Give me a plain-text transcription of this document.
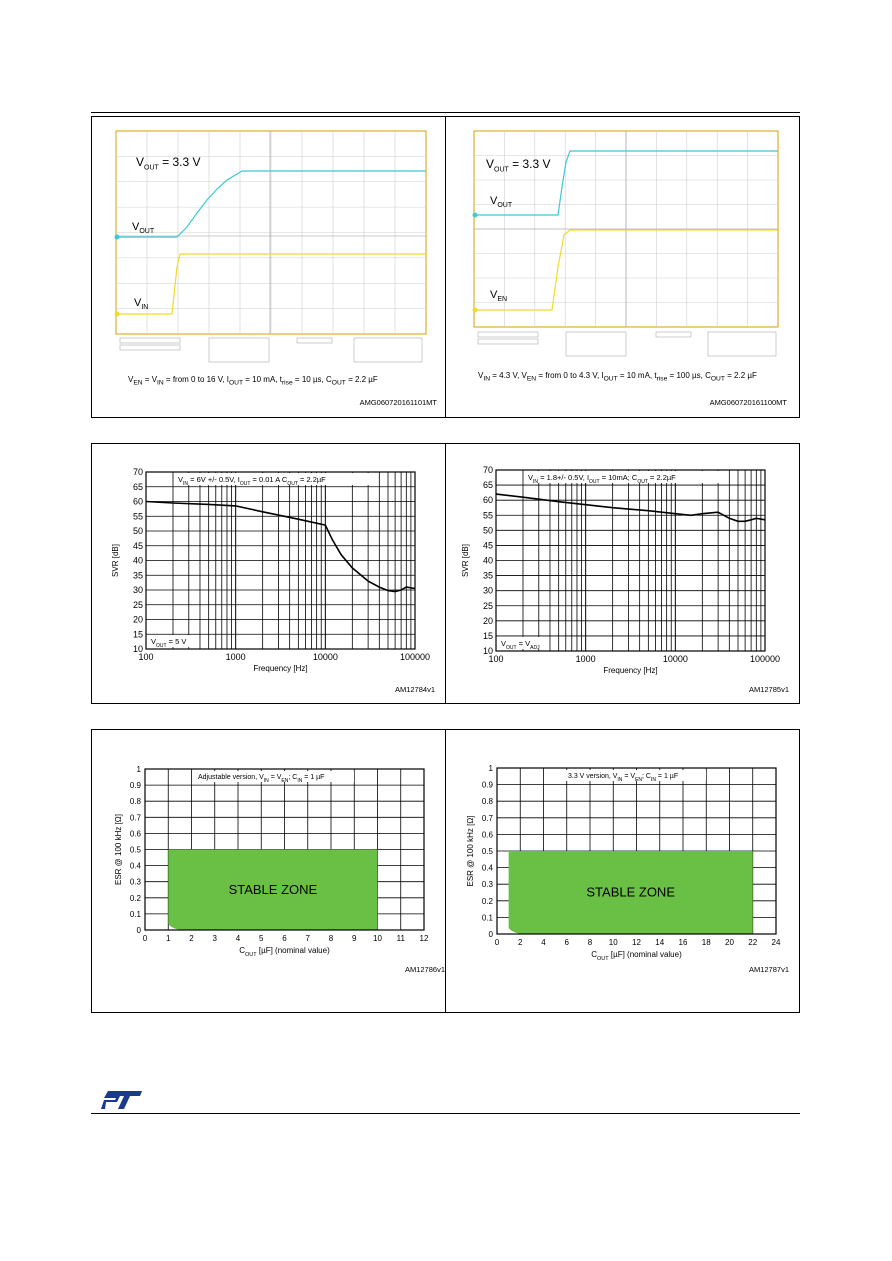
$V_{OUT} = 3.3$ V
$V_{OUT}$
$V_{IN}$
$V_{EN} = V_{IN}$ = from 0 to 16 V, $I_{OUT} = 10$ mA, $t_{rise} = 10$ µs, $C_{OUT} = 2.2$ µF
AMG060720161101MT
$V_{OUT} = 3.3$ V
$V_{OUT}$
$V_{EN}$
$V_{IN} = 4.3$ V, $V_{EN}$ = from 0 to 4.3 V, $I_{OUT} = 10$ mA, $t_{rise} = 100$ µs, $C_{OUT} = 2.2$ µF
AMG060720161100MT
10
15
20
25
30
35
40
45
50
55
60
65
70
100	1000	10000	100000
Frequency [Hz]
SVR [dB]
$V_{IN} = 6V$ +/- 0.5V, $I_{OUT} = 0.01$ A $C_{OUT} = 2.2\mu F$
$V_{OUT} = 5$ V
AM12784v1
10
15
20
25
30
35
40
45
50
55
60
65
70
100	1000	10000	100000
Frequency [Hz]
SVR [dB]
$V_{IN} = 1.8+/-$ 0.5V, $I_{OUT} = 10mA$; $C_{OUT} = 2.2\mu F$
$V_{OUT} = V_{ADJ}$
AM12785v1
STABLE ZONE
0
0.1
0.2
0.3
0.4
0.5
0.6
0.7
0.8
0.9
1
0 1 2 3 4 5 6 7 8 9 10 11 12
$C_{OUT}$ [µF] (nominal value)
ESR @ 100 kHz [Ω]
Adjustable version, $V_{IN} = V_{EN}$; $C_{IN} = 1$ µF
AM12786v1
STABLE ZONE
0
0.1
0.2
0.3
0.4
0.5
0.6
0.7
0.8
0.9
1
0 2 4 6 8 10 12 14 16 18 20 22 24
$C_{OUT}$ [µF] (nominal value)
ESR @ 100 kHz [Ω]
3.3 V version, $V_{IN} = V_{EN}$; $C_{IN} = 1$ µF
AM12787v1
